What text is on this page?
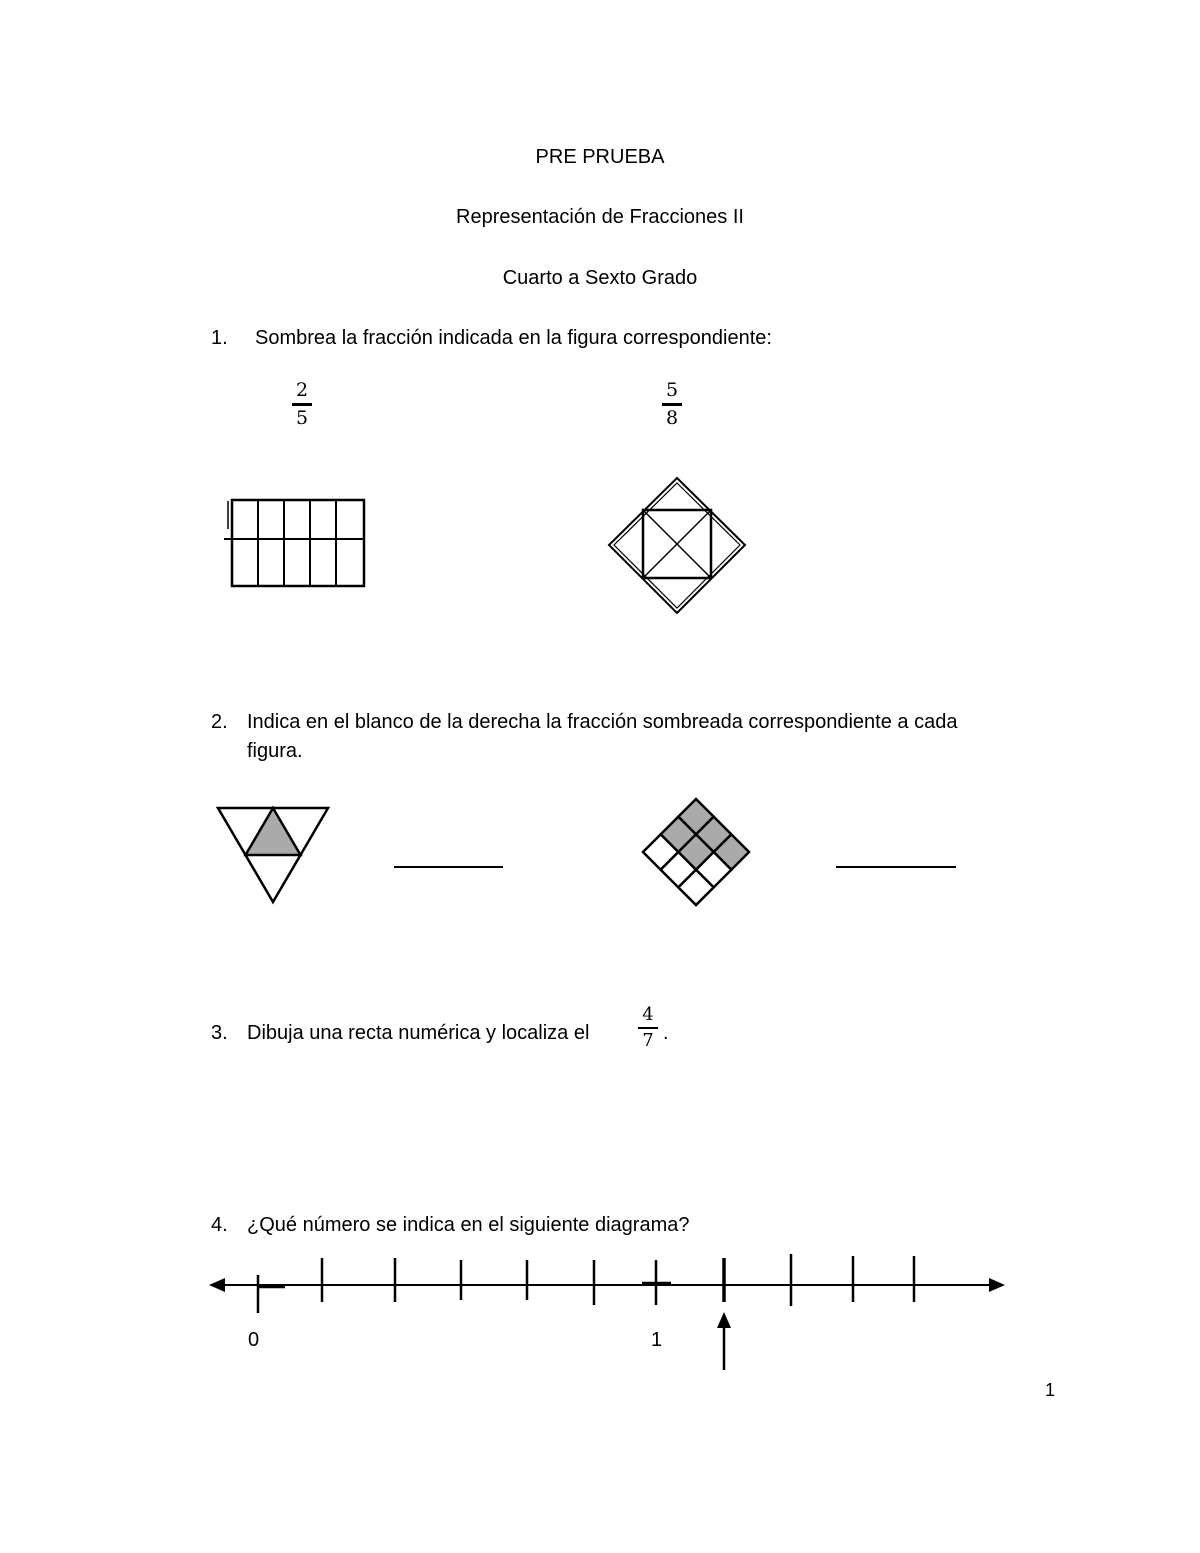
PRE PRUEBA
Representación de Fracciones II
Cuarto a Sexto Grado
1. Sombrea la fracción indicada en la figura correspondiente:
2
5
5
8
2. Indica en el blanco de la derecha la fracción sombreada correspondiente a cada
figura.
3. Dibuja una recta numérica y localiza el
4
7 .
4. ¿Qué número se indica en el siguiente diagrama?
0	1
1
